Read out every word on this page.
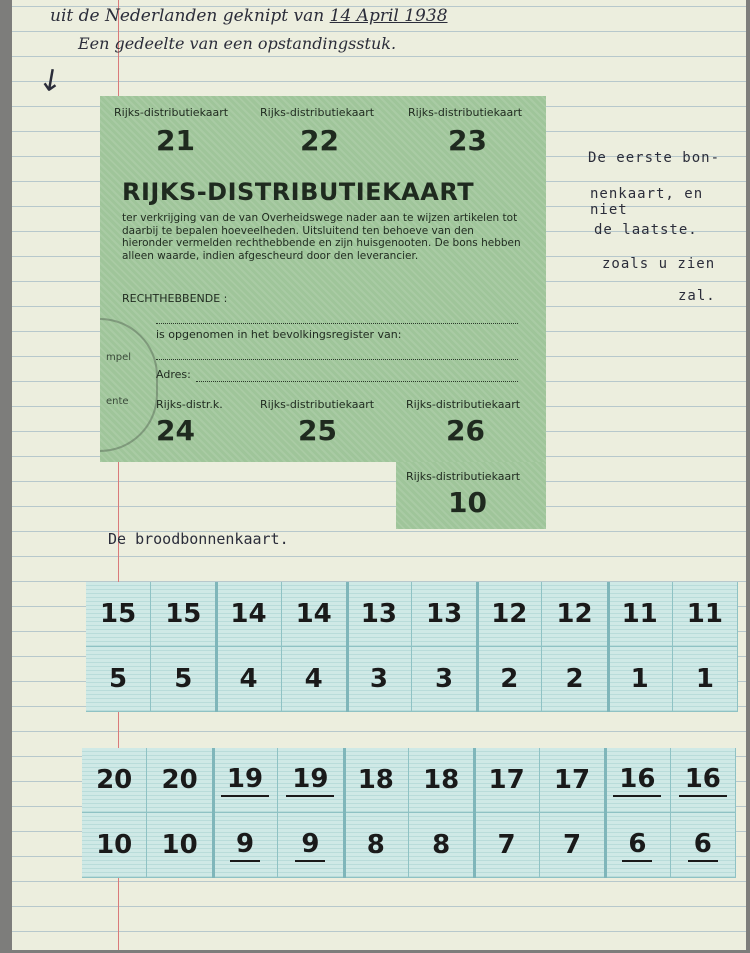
uit de Nederlanden geknipt van 14 April 1938
Een gedeelte van een opstandingsstuk.
↙
De eerste bon-
nenkaart, en niet
de laatste.
zoals u zien
zal.
De broodbonnenkaart.
Rijks-distributiekaart	Rijks-distributiekaart	Rijks-distributiekaart
21	22	23
RIJKS-DISTRIBUTIEKAART
ter verkrijging van de van Overheidswege nader aan te wijzen artikelen tot daarbij te bepalen hoeveelheden. Uitsluitend ten behoeve van den hieronder vermelden rechthebbende en zijn huisgenooten. De bons hebben alleen waarde, indien afgescheurd door den leverancier.
RECHTHEBBENDE :
is opgenomen in het bevolkingsregister van:
Adres:
Rijks-distr.k.	Rijks-distributiekaart	Rijks-distributiekaart
24	25	26
Rijks-distributiekaart
10
mpel
ente
15 15 14 14 13 13 12 12 11 11
5 5 4 4 3 3 2 2 1 1
20 20 19 19 18 18 17 17 16 16
10 10 9 9 8 8 7 7 6 6
